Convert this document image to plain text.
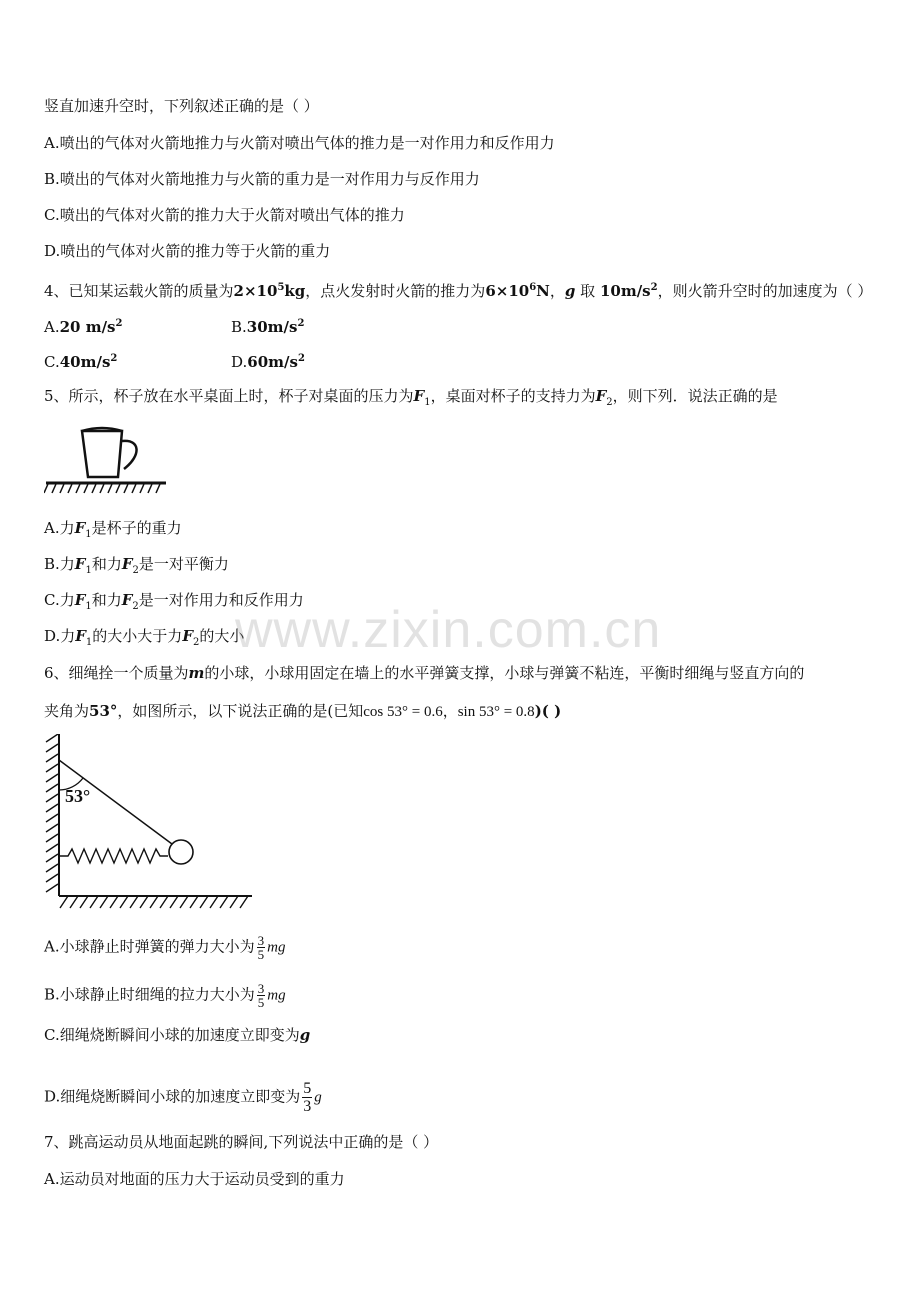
竖直加速升空时，下列叙述正确的是（ ）
A.喷出的气体对火箭地推力与火箭对喷出气体的推力是一对作用力和反作用力
B.喷出的气体对火箭地推力与火箭的重力是一对作用力与反作用力
C.喷出的气体对火箭的推力大于火箭对喷出气体的推力
D.喷出的气体对火箭的推力等于火箭的重力
4、已知某运载火箭的质量为$2\times 10^5kg$，点火发射时火箭的推力为$6\times 10^6N$，g 取 $10m/s^2$，则火箭升空时的加速度为（ ）
A.20 $m/s^2$	$B.30m/s^2$
$C.40m/s^2$	$D.60m/s^2$
5、所示，杯子放在水平桌面上时，杯子对桌面的压力为$F_1$，桌面对杯子的支持力为$F_2$，则下列．说法正确的是
A.力$F_1$是杯子的重力
B.力$F_1$和力$F_2$是一对平衡力
C.力$F_1$和力$F_2$是一对作用力和反作用力
D.力$F_1$的大小大于力$F_2$的大小
www.zixin.com.cn
6、细绳拴一个质量为m的小球，小球用固定在墙上的水平弹簧支撑，小球与弹簧不粘连，平衡时细绳与竖直方向的
夹角为53°，如图所示，以下说法正确的是(已知cos 53° = 0.6，sin 53° = 0.8)( )
53°
A.小球静止时弹簧的弹力大小为 $\frac{3}{5}$ mg
B.小球静止时细绳的拉力大小为 $\frac{3}{5}$ mg
C.细绳烧断瞬间小球的加速度立即变为g
D.细绳烧断瞬间小球的加速度立即变为 $\frac{5}{3}$ g
7、跳高运动员从地面起跳的瞬间,下列说法中正确的是（ ）
A.运动员对地面的压力大于运动员受到的重力
